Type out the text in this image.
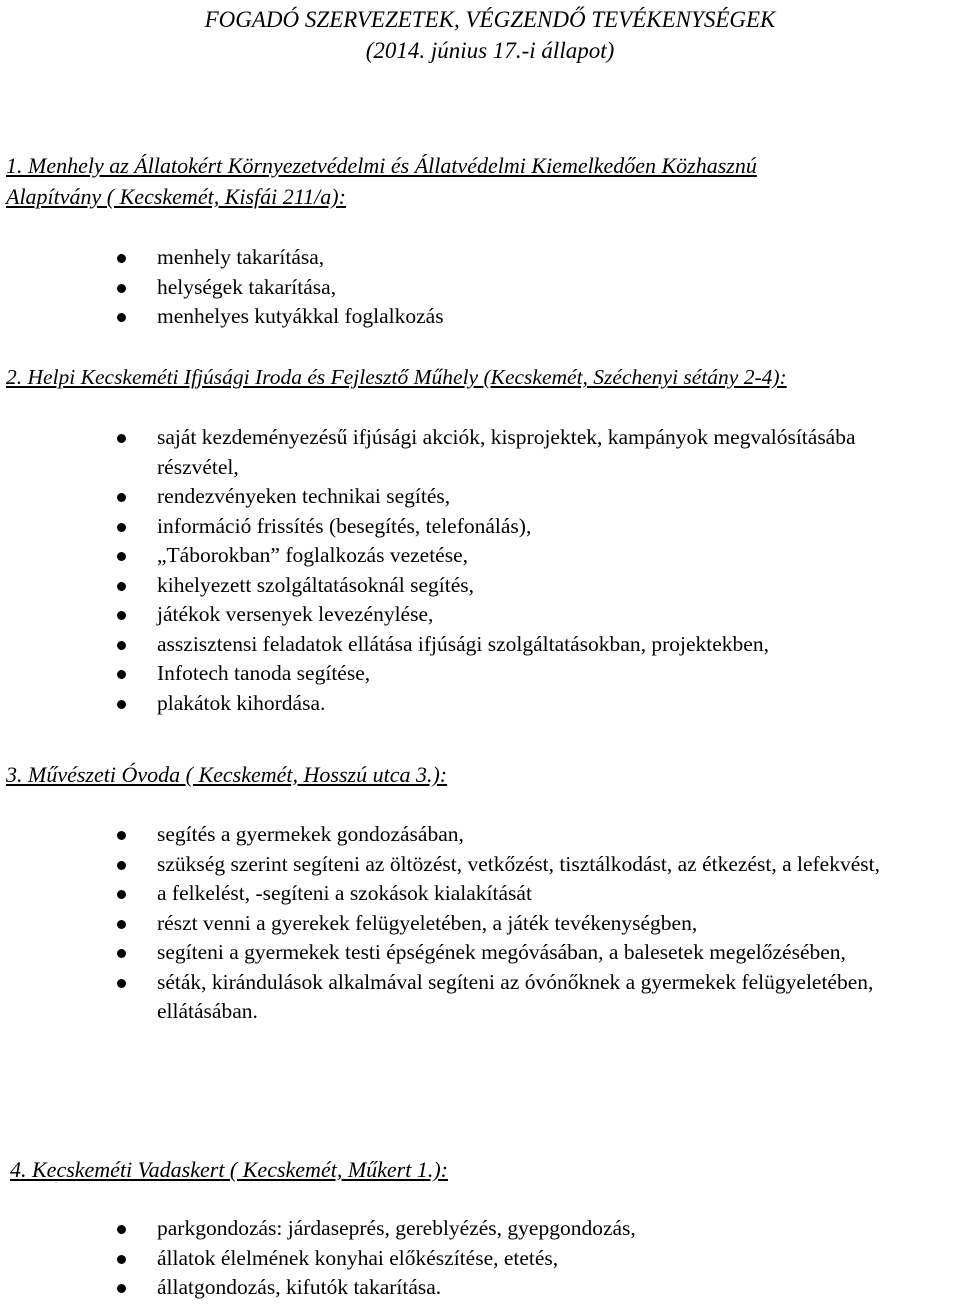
FOGADÓ SZERVEZETEK, VÉGZENDŐ TEVÉKENYSÉGEK
(2014. június 17.-i állapot)
1. Menhely az Állatokért Környezetvédelmi és Állatvédelmi Kiemelkedően Közhasznú
Alapítvány ( Kecskemét, Kisfái 211/a):
menhely takarítása,
helységek takarítása,
menhelyes kutyákkal foglalkozás
2. Helpi Kecskeméti Ifjúsági Iroda és Fejlesztő Műhely (Kecskemét, Széchenyi sétány 2-4):
saját kezdeményezésű ifjúsági akciók, kisprojektek, kampányok megvalósításába részvétel,
rendezvényeken technikai segítés,
információ frissítés (besegítés, telefonálás),
„Táborokban” foglalkozás vezetése,
kihelyezett szolgáltatásoknál segítés,
játékok versenyek levezénylése,
asszisztensi feladatok ellátása ifjúsági szolgáltatásokban, projektekben,
Infotech tanoda segítése,
plakátok kihordása.
3. Művészeti Óvoda ( Kecskemét, Hosszú utca 3.):
segítés a gyermekek gondozásában,
szükség szerint segíteni az öltözést, vetkőzést, tisztálkodást, az étkezést, a lefekvést,
a felkelést, -segíteni a szokások kialakítását
részt venni a gyerekek felügyeletében, a játék tevékenységben,
segíteni a gyermekek testi épségének megóvásában, a balesetek megelőzésében,
séták, kirándulások alkalmával segíteni az óvónőknek a gyermekek felügyeletében, ellátásában.
4. Kecskeméti Vadaskert ( Kecskemét, Műkert 1.):
parkgondozás: járdaseprés, gereblyézés, gyepgondozás,
állatok élelmének konyhai előkészítése, etetés,
állatgondozás, kifutók takarítása.
